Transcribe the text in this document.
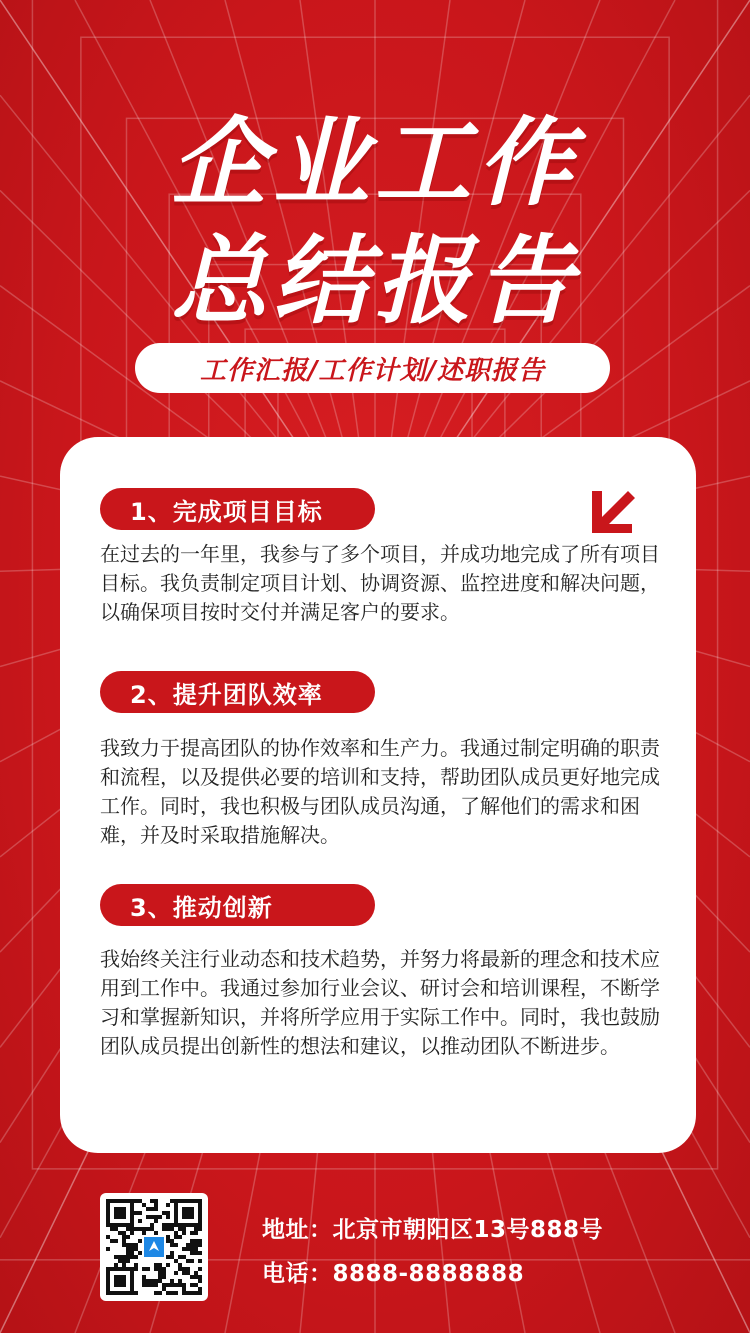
企业工作
总结报告
工作汇报/工作计划/述职报告
1、完成项目目标
在过去的一年里，我参与了多个项目，并成功地完成了所有项目目标。我负责制定项目计划、协调资源、监控进度和解决问题，以确保项目按时交付并满足客户的要求。
2、提升团队效率
我致力于提高团队的协作效率和生产力。我通过制定明确的职责和流程，以及提供必要的培训和支持，帮助团队成员更好地完成工作。同时，我也积极与团队成员沟通，了解他们的需求和困难，并及时采取措施解决。
3、推动创新
我始终关注行业动态和技术趋势，并努力将最新的理念和技术应用到工作中。我通过参加行业会议、研讨会和培训课程，不断学习和掌握新知识，并将所学应用于实际工作中。同时，我也鼓励团队成员提出创新性的想法和建议，以推动团队不断进步。
地址：北京市朝阳区13号888号
电话：8888-8888888
